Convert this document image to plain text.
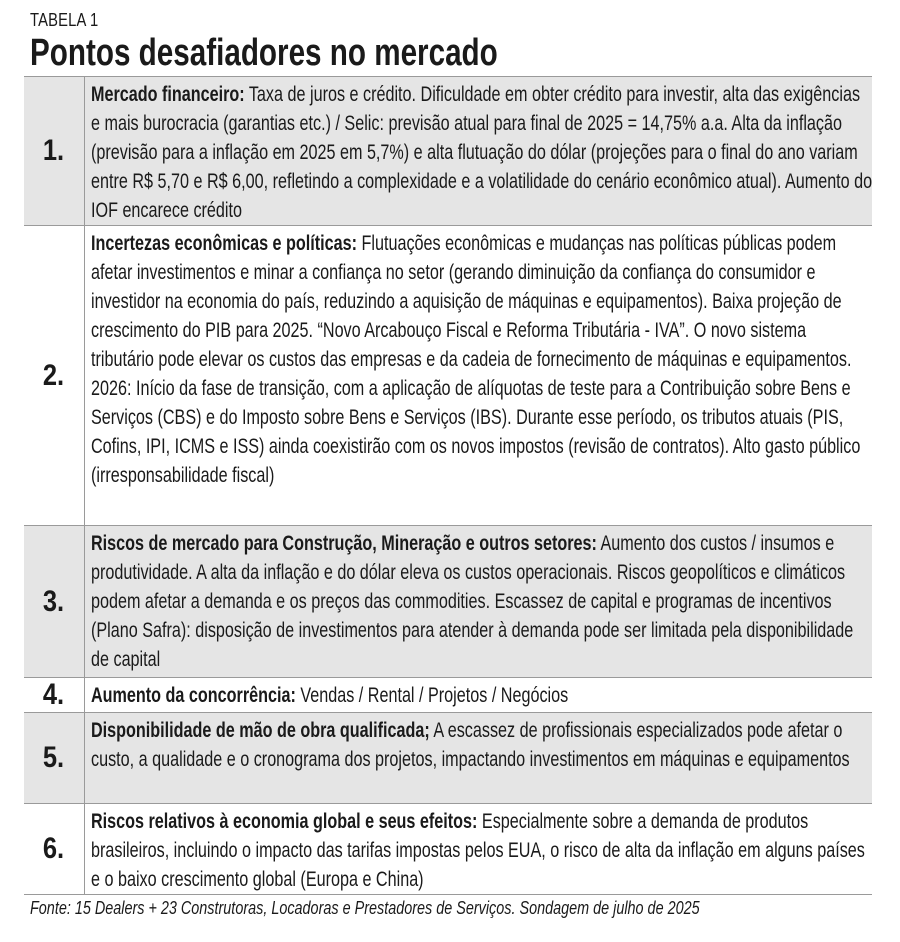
TABELA 1
Pontos desafiadores no mercado
1.
Mercado financeiro: Taxa de juros e crédito. Dificuldade em obter crédito para investir, alta das exigências e mais burocracia (garantias etc.) / Selic: previsão atual para final de 2025 = 14,75% a.a. Alta da inflação (previsão para a inflação em 2025 em 5,7%) e alta flutuação do dólar (projeções para o final do ano variam entre R$ 5,70 e R$ 6,00, refletindo a complexidade e a volatilidade do cenário econômico atual). Aumento do IOF encarece crédito
2.
Incertezas econômicas e políticas: Flutuações econômicas e mudanças nas políticas públicas podem afetar investimentos e minar a confiança no setor (gerando diminuição da confiança do consumidor e investidor na economia do país, reduzindo a aquisição de máquinas e equipamentos). Baixa projeção de crescimento do PIB para 2025. “Novo Arcabouço Fiscal e Reforma Tributária - IVA”. O novo sistema tributário pode elevar os custos das empresas e da cadeia de fornecimento de máquinas e equipamentos. 2026: Início da fase de transição, com a aplicação de alíquotas de teste para a Contribuição sobre Bens e Serviços (CBS) e do Imposto sobre Bens e Serviços (IBS). Durante esse período, os tributos atuais (PIS, Cofins, IPI, ICMS e ISS) ainda coexistirão com os novos impostos (revisão de contratos). Alto gasto público (irresponsabilidade fiscal)
3.
Riscos de mercado para Construção, Mineração e outros setores: Aumento dos custos / insumos e produtividade. A alta da inflação e do dólar eleva os custos operacionais. Riscos geopolíticos e climáticos podem afetar a demanda e os preços das commodities. Escassez de capital e programas de incentivos (Plano Safra): disposição de investimentos para atender à demanda pode ser limitada pela disponibilidade de capital
4. Aumento da concorrência: Vendas / Rental / Projetos / Negócios
5.
Disponibilidade de mão de obra qualificada; A escassez de profissionais especializados pode afetar o custo, a qualidade e o cronograma dos projetos, impactando investimentos em máquinas e equipamentos
6.
Riscos relativos à economia global e seus efeitos: Especialmente sobre a demanda de produtos brasileiros, incluindo o impacto das tarifas impostas pelos EUA, o risco de alta da inflação em alguns países e o baixo crescimento global (Europa e China)
Fonte: 15 Dealers + 23 Construtoras, Locadoras e Prestadores de Serviços. Sondagem de julho de 2025
